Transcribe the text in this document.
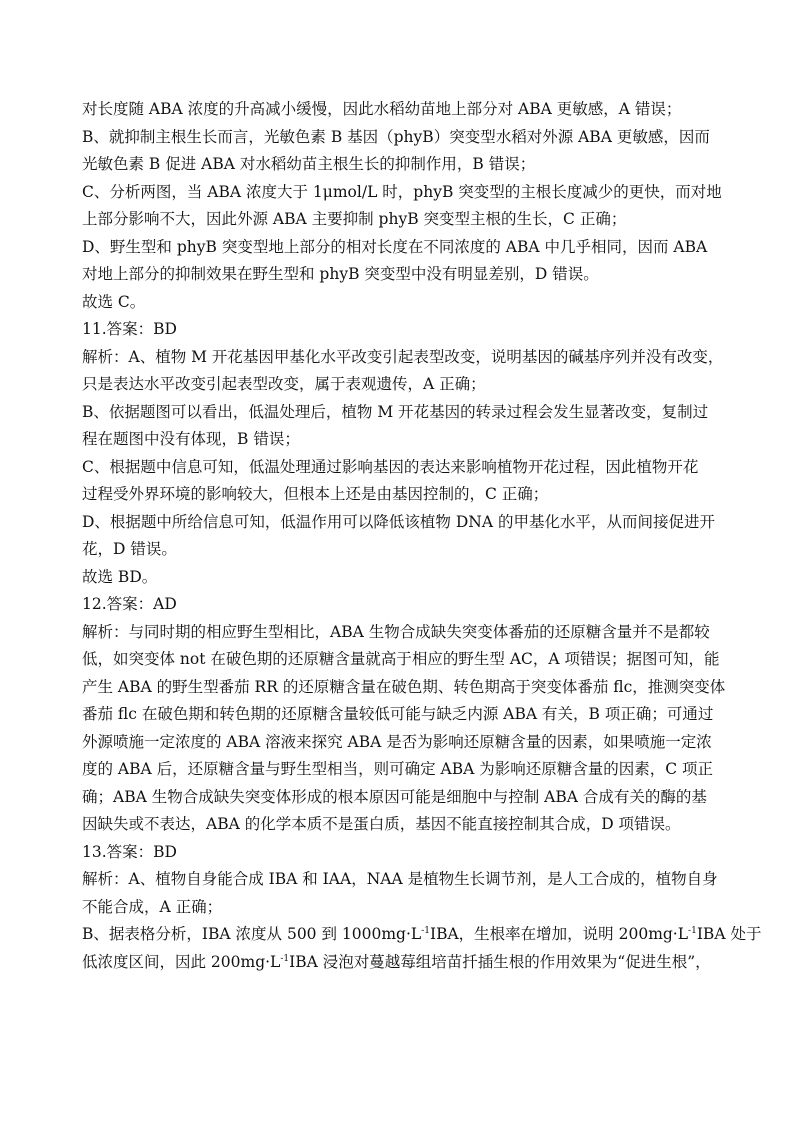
对长度随 ABA 浓度的升高减小缓慢，因此水稻幼苗地上部分对 ABA 更敏感，A 错误；

B、就抑制主根生长而言，光敏色素 B 基因（phyB）突变型水稻对外源 ABA 更敏感，因而

光敏色素 B 促进 ABA 对水稻幼苗主根生长的抑制作用，B 错误；

C、分析两图，当 ABA 浓度大于 1μmol/L 时，phyB 突变型的主根长度减少的更快，而对地

上部分影响不大，因此外源 ABA 主要抑制 phyB 突变型主根的生长，C 正确；

D、野生型和 phyB 突变型地上部分的相对长度在不同浓度的 ABA 中几乎相同，因而 ABA

对地上部分的抑制效果在野生型和 phyB 突变型中没有明显差别，D 错误。

故选 C。

11.答案：BD

解析：A、植物 M 开花基因甲基化水平改变引起表型改变，说明基因的碱基序列并没有改变，

只是表达水平改变引起表型改变，属于表观遗传，A 正确；

B、依据题图可以看出，低温处理后，植物 M 开花基因的转录过程会发生显著改变，复制过

程在题图中没有体现，B 错误；

C、根据题中信息可知，低温处理通过影响基因的表达来影响植物开花过程，因此植物开花

过程受外界环境的影响较大，但根本上还是由基因控制的，C 正确；

D、根据题中所给信息可知，低温作用可以降低该植物 DNA 的甲基化水平，从而间接促进开

花，D 错误。

故选 BD。

12.答案：AD

解析：与同时期的相应野生型相比，ABA 生物合成缺失突变体番茄的还原糖含量并不是都较

低，如突变体 not 在破色期的还原糖含量就高于相应的野生型 AC，A 项错误；据图可知，能

产生 ABA 的野生型番茄 RR 的还原糖含量在破色期、转色期高于突变体番茄 flc，推测突变体

番茄 flc 在破色期和转色期的还原糖含量较低可能与缺乏内源 ABA 有关，B 项正确；可通过

外源喷施一定浓度的 ABA 溶液来探究 ABA 是否为影响还原糖含量的因素，如果喷施一定浓

度的 ABA 后，还原糖含量与野生型相当，则可确定 ABA 为影响还原糖含量的因素，C 项正

确；ABA 生物合成缺失突变体形成的根本原因可能是细胞中与控制 ABA 合成有关的酶的基

因缺失或不表达，ABA 的化学本质不是蛋白质，基因不能直接控制其合成，D 项错误。

13.答案：BD

解析：A、植物自身能合成 IBA 和 IAA，NAA 是植物生长调节剂，是人工合成的，植物自身

不能合成，A 正确；

B、据表格分析，IBA 浓度从 500 到 $1000mg\cdot L^{-1}IBA$，生根率在增加，说明 $200mg\cdot L^{-1}IBA$ 处于

低浓度区间，因此 $200mg\cdot L^{-1}IBA$ 浸泡对蔓越莓组培苗扦插生根的作用效果为“促进生根”，
